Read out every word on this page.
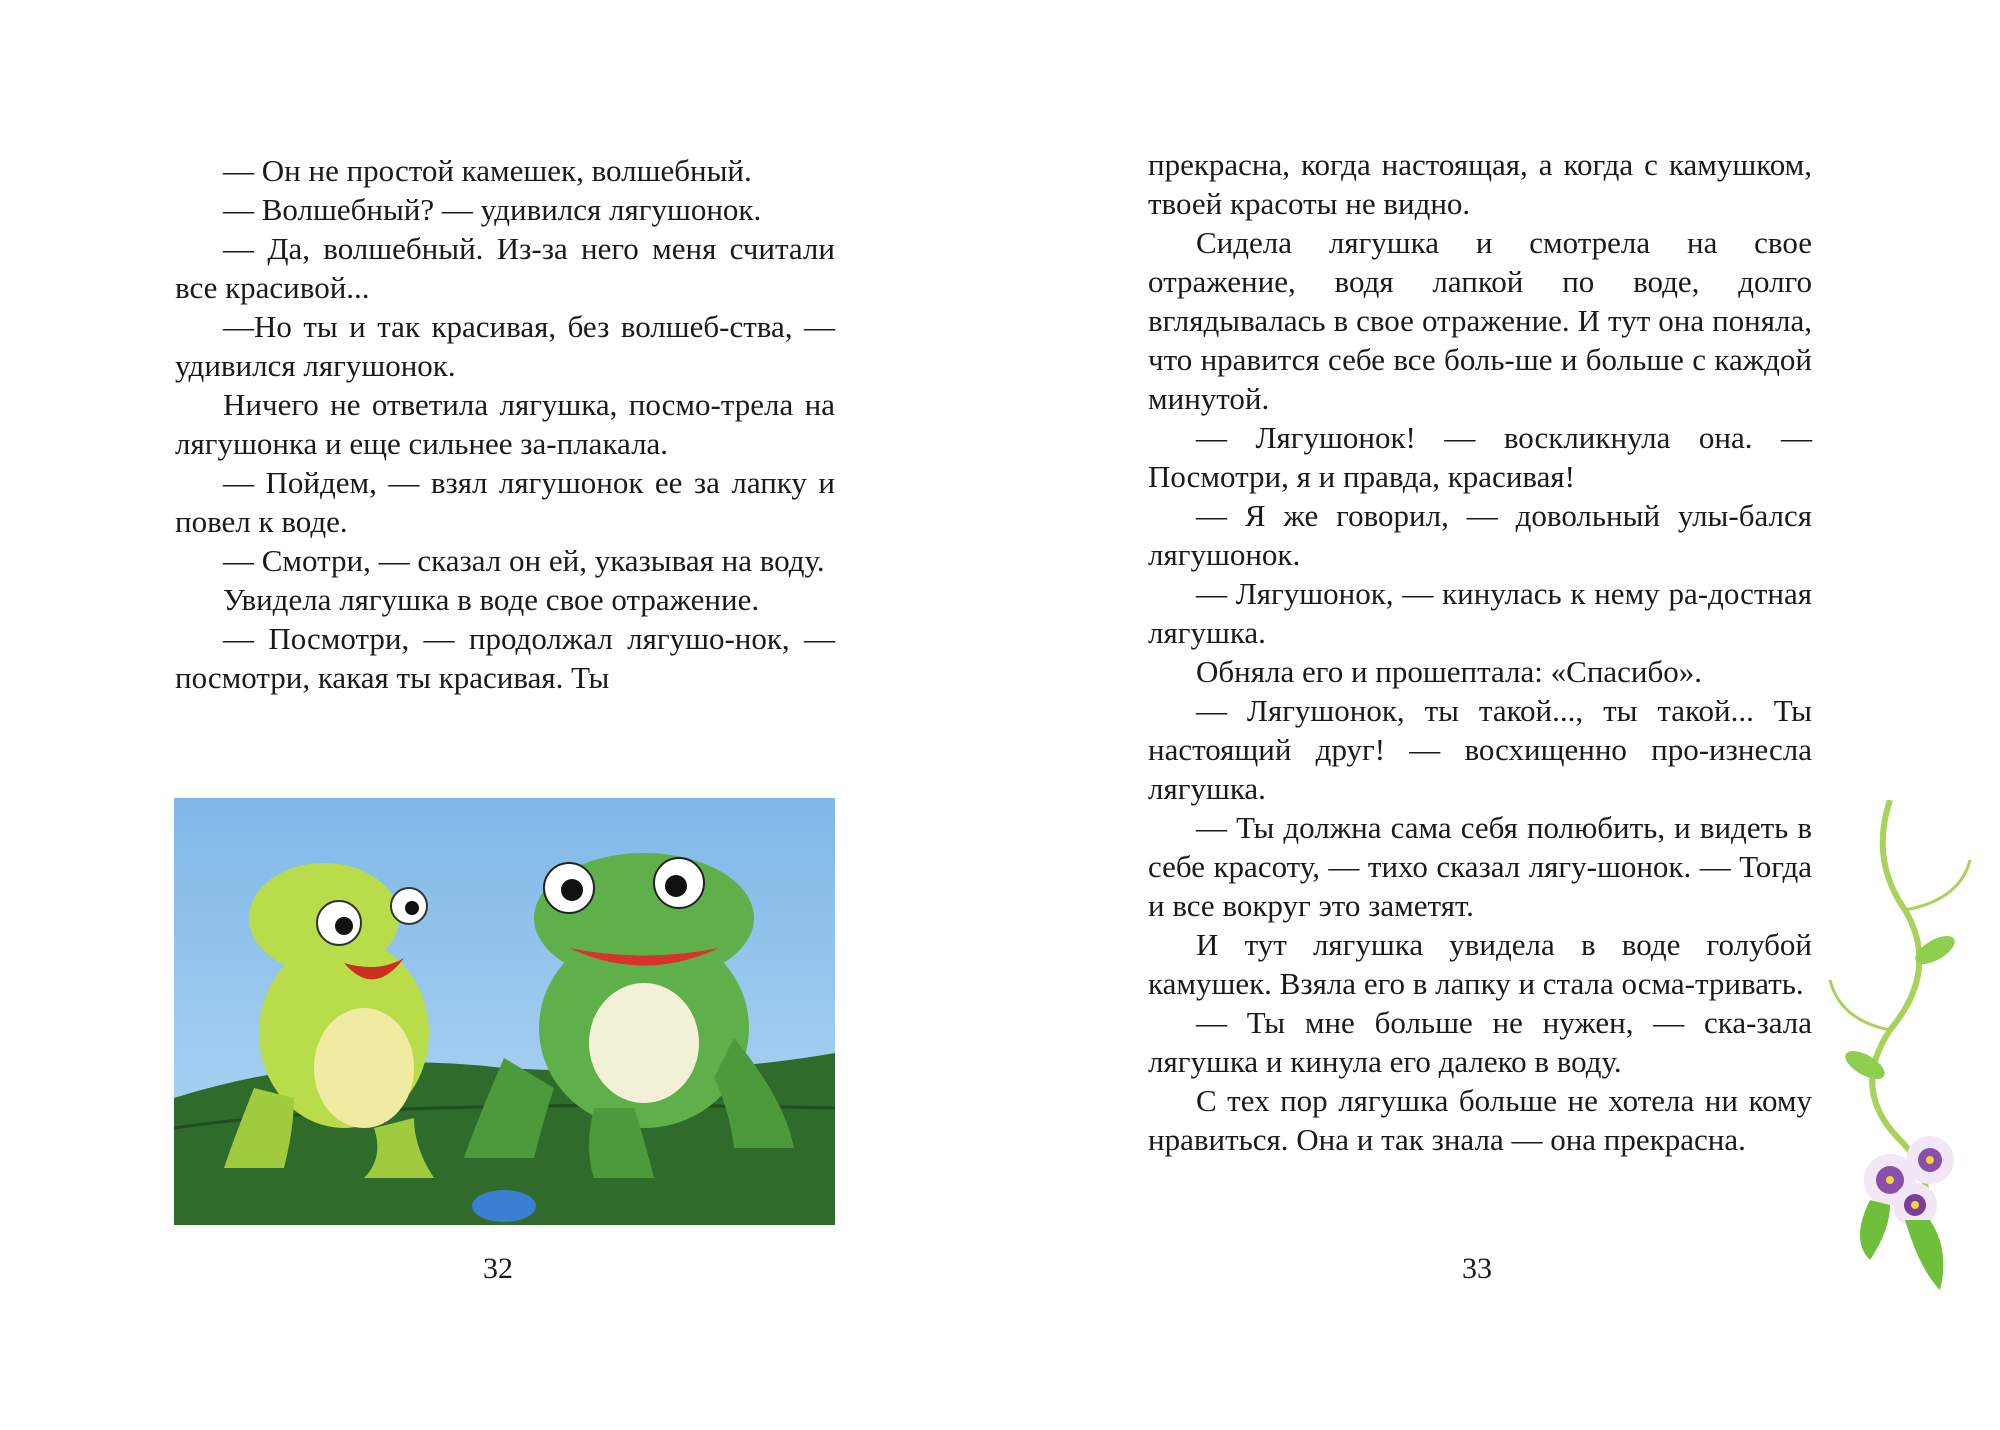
— Он не простой камешек, волшебный.

— Волшебный? — удивился лягушонок.

— Да, волшебный. Из-за него меня считали все красивой...

—Но ты и так красивая, без волшеб-ства, — удивился лягушонок.

Ничего не ответила лягушка, посмо-трела на лягушонка и еще сильнее за-плакала.

— Пойдем, — взял лягушонок ее за лапку и повел к воде.

— Смотри, — сказал он ей, указывая на воду.

Увидела лягушка в воде свое отражение.

— Посмотри, — продолжал лягушо-нок, — посмотри, какая ты красивая. Ты

32

прекрасна, когда настоящая, а когда с камушком, твоей красоты не видно.

Сидела лягушка и смотрела на свое отражение, водя лапкой по воде, долго вглядывалась в свое отражение. И тут она поняла, что нравится себе все боль-ше и больше с каждой минутой.

— Лягушонок! — воскликнула она. — Посмотри, я и правда, красивая!

— Я же говорил, — довольный улы-бался лягушонок.

— Лягушонок, — кинулась к нему ра-достная лягушка.

Обняла его и прошептала: «Спасибо».

— Лягушонок, ты такой..., ты такой... Ты настоящий друг! — восхищенно про-изнесла лягушка.

— Ты должна сама себя полюбить, и видеть в себе красоту, — тихо сказал лягу-шонок. — Тогда и все вокруг это заметят.

И тут лягушка увидела в воде голубой камушек. Взяла его в лапку и стала осма-тривать.

— Ты мне больше не нужен, — ска-зала лягушка и кинула его далеко в воду.

С тех пор лягушка больше не хотела ни кому нравиться. Она и так знала — она прекрасна.

33
